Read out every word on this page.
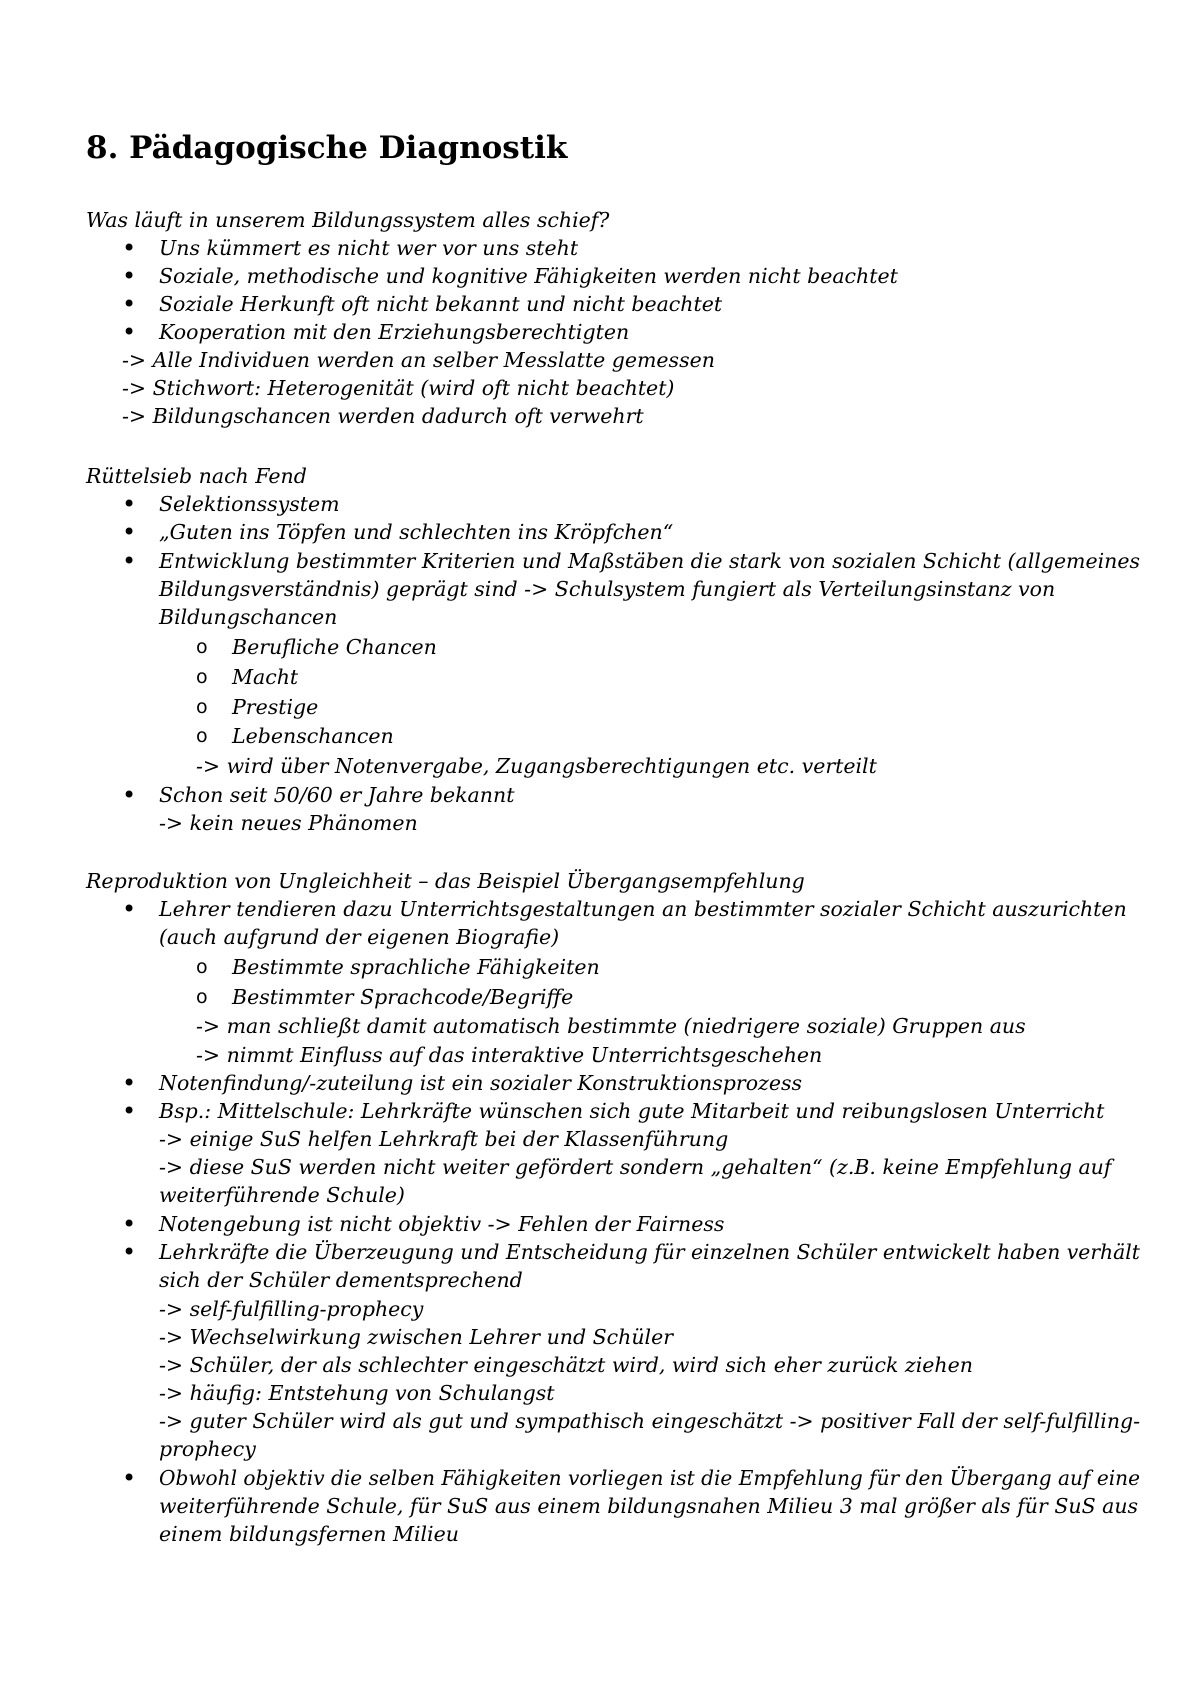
8. Pädagogische Diagnostik
Was läuft in unserem Bildungssystem alles schief?
• Uns kümmert es nicht wer vor uns steht
• Soziale, methodische und kognitive Fähigkeiten werden nicht beachtet
• Soziale Herkunft oft nicht bekannt und nicht beachtet
• Kooperation mit den Erziehungsberechtigten
-> Alle Individuen werden an selber Messlatte gemessen
-> Stichwort: Heterogenität (wird oft nicht beachtet)
-> Bildungschancen werden dadurch oft verwehrt
Rüttelsieb nach Fend
• Selektionssystem
• „Guten ins Töpfen und schlechten ins Kröpfchen“
• Entwicklung bestimmter Kriterien und Maßstäben die stark von sozialen Schicht (allgemeines
Bildungsverständnis) geprägt sind -> Schulsystem fungiert als Verteilungsinstanz von
Bildungschancen
o Berufliche Chancen
o Macht
o Prestige
o Lebenschancen
-> wird über Notenvergabe, Zugangsberechtigungen etc. verteilt
• Schon seit 50/60 er Jahre bekannt
-> kein neues Phänomen
Reproduktion von Ungleichheit – das Beispiel Übergangsempfehlung
• Lehrer tendieren dazu Unterrichtsgestaltungen an bestimmter sozialer Schicht auszurichten
(auch aufgrund der eigenen Biografie)
o Bestimmte sprachliche Fähigkeiten
o Bestimmter Sprachcode/Begriffe
-> man schließt damit automatisch bestimmte (niedrigere soziale) Gruppen aus
-> nimmt Einfluss auf das interaktive Unterrichtsgeschehen
• Notenfindung/-zuteilung ist ein sozialer Konstruktionsprozess
• Bsp.: Mittelschule: Lehrkräfte wünschen sich gute Mitarbeit und reibungslosen Unterricht
-> einige SuS helfen Lehrkraft bei der Klassenführung
-> diese SuS werden nicht weiter gefördert sondern „gehalten“ (z.B. keine Empfehlung auf
weiterführende Schule)
• Notengebung ist nicht objektiv -> Fehlen der Fairness
• Lehrkräfte die Überzeugung und Entscheidung für einzelnen Schüler entwickelt haben verhält
sich der Schüler dementsprechend
-> self-fulfilling-prophecy
-> Wechselwirkung zwischen Lehrer und Schüler
-> Schüler, der als schlechter eingeschätzt wird, wird sich eher zurück ziehen
-> häufig: Entstehung von Schulangst
-> guter Schüler wird als gut und sympathisch eingeschätzt -> positiver Fall der self-fulfilling-
prophecy
• Obwohl objektiv die selben Fähigkeiten vorliegen ist die Empfehlung für den Übergang auf eine
weiterführende Schule, für SuS aus einem bildungsnahen Milieu 3 mal größer als für SuS aus
einem bildungsfernen Milieu
